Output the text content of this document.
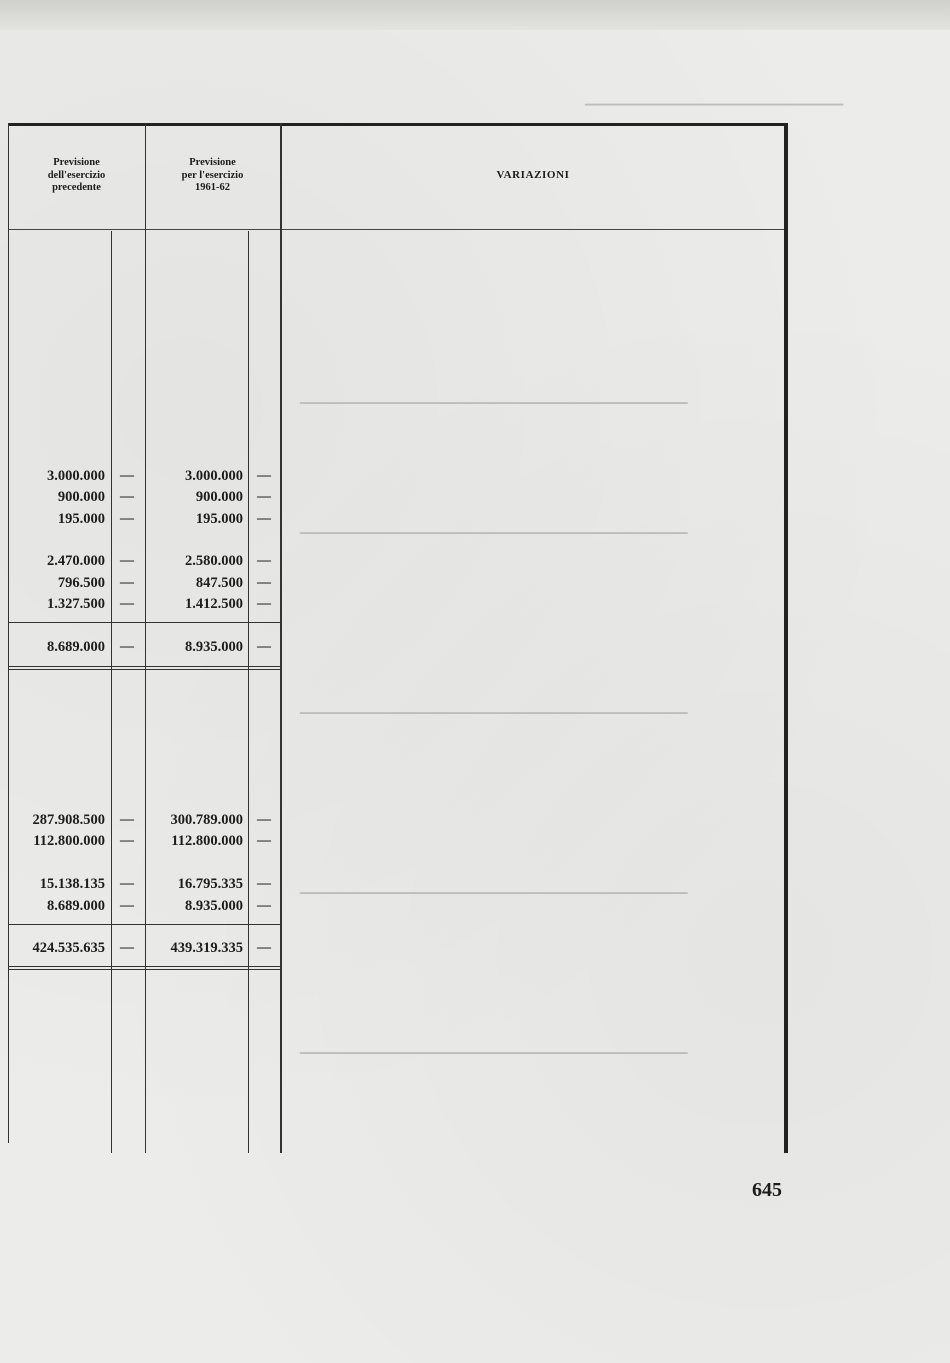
▔▔▔▔▔▔▔▔▔▔▔▔▔▔▔▔▔▔▔▔▔▔▔▔▔▔▔▔
▁▁▁▁▁▁▁▁▁▁▁▁▁▁▁▁▁▁▁▁▁▁▁▁▁▁▁▁▁▁▁▁▁▁▁▁▁▁▁▁▁▁
▁▁▁▁▁▁▁▁▁▁▁▁▁▁▁▁▁▁▁▁▁▁▁▁▁▁▁▁▁▁▁▁▁▁▁▁▁▁▁▁▁▁
▁▁▁▁▁▁▁▁▁▁▁▁▁▁▁▁▁▁▁▁▁▁▁▁▁▁▁▁▁▁▁▁▁▁▁▁▁▁▁▁▁▁
▁▁▁▁▁▁▁▁▁▁▁▁▁▁▁▁▁▁▁▁▁▁▁▁▁▁▁▁▁▁▁▁▁▁▁▁▁▁▁▁▁▁
▁▁▁▁▁▁▁▁▁▁▁▁▁▁▁▁▁▁▁▁▁▁▁▁▁▁▁▁▁▁▁▁▁▁▁▁▁▁▁▁▁▁
Previsione
dell'esercizio
precedente
Previsione
per l'esercizio
1961-62
VARIAZIONI
3.000.000 —	3.000.000 —
900.000 —	900.000 —
195.000 —	195.000 —
2.470.000 —	2.580.000 —
796.500 —	847.500 —
1.327.500 —	1.412.500 —
8.689.000 —	8.935.000 —
287.908.500 —	300.789.000 —
112.800.000 —	112.800.000 —
15.138.135 —	16.795.335 —
8.689.000 —	8.935.000 —
424.535.635 —	439.319.335 —
645
